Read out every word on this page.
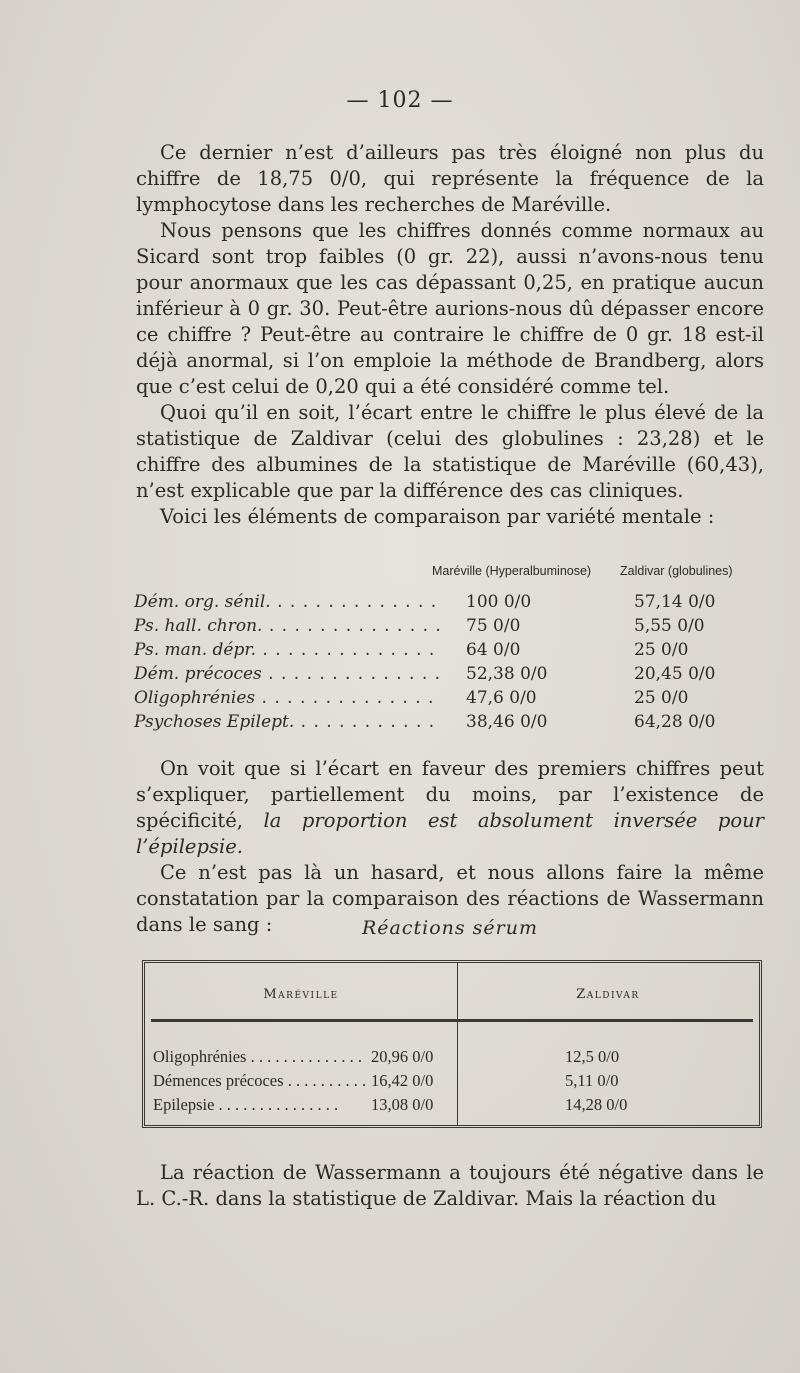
— 102 —

Ce dernier n’est d’ailleurs pas très éloigné non plus du chiffre de 18,75 0/0, qui représente la fréquence de la lymphocytose dans les recherches de Maréville.

Nous pensons que les chiffres donnés comme normaux au Sicard sont trop faibles (0 gr. 22), aussi n’avons-nous tenu pour anormaux que les cas dépassant 0,25, en pratique aucun inférieur à 0 gr. 30. Peut-être aurions-nous dû dépasser encore ce chiffre ? Peut-être au contraire le chiffre de 0 gr. 18 est-il déjà anormal, si l’on emploie la méthode de Brandberg, alors que c’est celui de 0,20 qui a été considéré comme tel.

Quoi qu’il en soit, l’écart entre le chiffre le plus élevé de la statistique de Zaldivar (celui des globulines : 23,28) et le chiffre des albumines de la statistique de Maréville (60,43), n’est explicable que par la différence des cas cliniques.

Voici les éléments de comparaison par variété mentale :

Maréville (Hyperalbuminose) Zaldivar (globulines)
Dém. org. sénil. . . .	100 0/0	57,14 0/0
Ps. hall. chron. . . .	75 0/0	5,55 0/0
Ps. man. dépr. . . .	64 0/0	25 0/0
Dém. précoces . . .	52,38 0/0	20,45 0/0
Oligophrénies . . .	47,6 0/0	25 0/0
Psychoses Epilept. . . .	38,46 0/0	64,28 0/0

On voit que si l’écart en faveur des premiers chiffres peut s’expliquer, partiellement du moins, par l’existence de spécificité, la proportion est absolument inversée pour l’épilepsie.

Ce n’est pas là un hasard, et nous allons faire la même constatation par la comparaison des réactions de Wassermann dans le sang :	Réactions sérum
Maréville	Zaldivar
Oligophrénies . . .	20,96 0/0	12,5 0/0
Démences précoces . . .	16,42 0/0	5,11 0/0
Epilepsie . . .	13,08 0/0	14,28 0/0

La réaction de Wassermann a toujours été négative dans le L. C.-R. dans la statistique de Zaldivar. Mais la réaction du
